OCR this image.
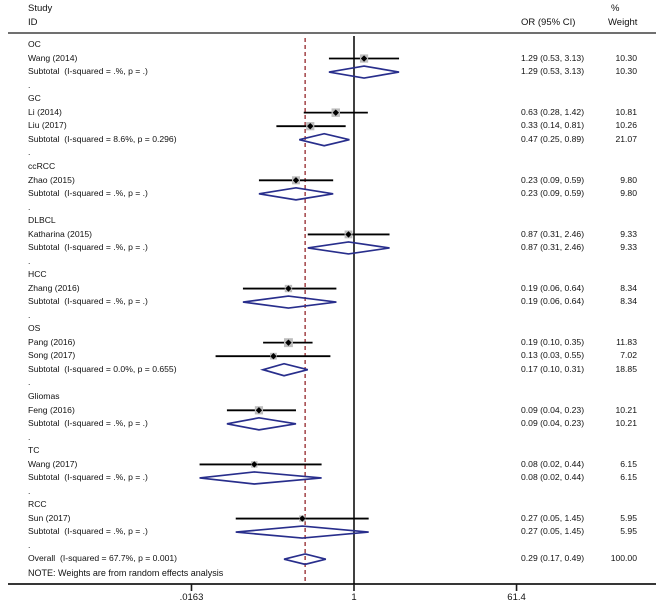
Study
ID	OR (95% CI)
%
Weight
OC
Wang (2014)	1.29 (0.53, 3.13)	10.30
Subtotal  (I-squared = .%, p = .)	1.29 (0.53, 3.13)	10.30
.
GC
Li (2014)	0.63 (0.28, 1.42)	10.81
Liu (2017)	0.33 (0.14, 0.81)	10.26
Subtotal  (I-squared = 8.6%, p = 0.296)	0.47 (0.25, 0.89)	21.07
.
ccRCC
Zhao (2015)	0.23 (0.09, 0.59)	9.80
Subtotal  (I-squared = .%, p = .)	0.23 (0.09, 0.59)	9.80
.
DLBCL
Katharina (2015)	0.87 (0.31, 2.46)	9.33
Subtotal  (I-squared = .%, p = .)	0.87 (0.31, 2.46)	9.33
.
HCC
Zhang (2016)	0.19 (0.06, 0.64)	8.34
Subtotal  (I-squared = .%, p = .)	0.19 (0.06, 0.64)	8.34
.
OS
Pang (2016)	0.19 (0.10, 0.35)	11.83
Song (2017)	0.13 (0.03, 0.55)	7.02
Subtotal  (I-squared = 0.0%, p = 0.655)	0.17 (0.10, 0.31)	18.85
.
Gliomas
Feng (2016)	0.09 (0.04, 0.23)	10.21
Subtotal  (I-squared = .%, p = .)	0.09 (0.04, 0.23)	10.21
.
TC
Wang (2017)	0.08 (0.02, 0.44)	6.15
Subtotal  (I-squared = .%, p = .)	0.08 (0.02, 0.44)	6.15
.
RCC
Sun (2017)	0.27 (0.05, 1.45)	5.95
Subtotal  (I-squared = .%, p = .)	0.27 (0.05, 1.45)	5.95
.
Overall  (I-squared = 67.7%, p = 0.001)	0.29 (0.17, 0.49)	100.00
NOTE: Weights are from random effects analysis
.0163	1	61.4
